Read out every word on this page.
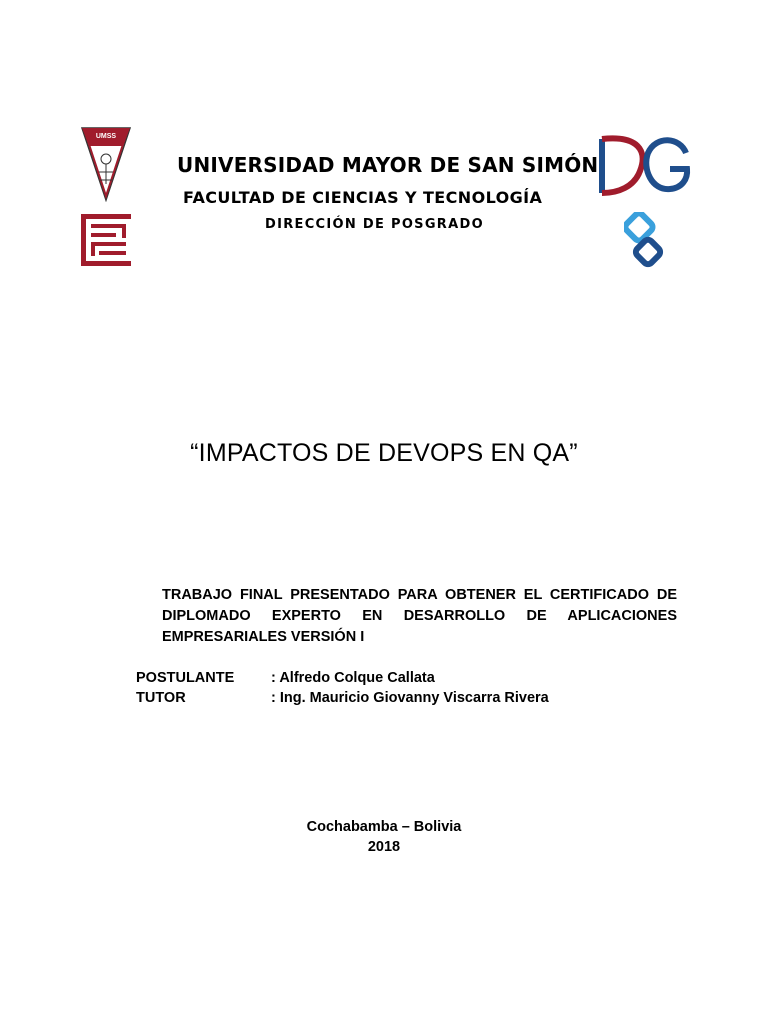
UMSS
UNIVERSIDAD MAYOR DE SAN SIMÓN
FACULTAD DE CIENCIAS Y TECNOLOGÍA
DIRECCIÓN DE POSGRADO
“IMPACTOS DE DEVOPS EN QA”
TRABAJO FINAL PRESENTADO PARA OBTENER EL CERTIFICADO DE
DIPLOMADO EXPERTO EN DESARROLLO DE APLICACIONES
EMPRESARIALES VERSIÓN I
POSTULANTE	: Alfredo Colque Callata
TUTOR	: Ing. Mauricio Giovanny Viscarra Rivera
Cochabamba – Bolivia
2018
